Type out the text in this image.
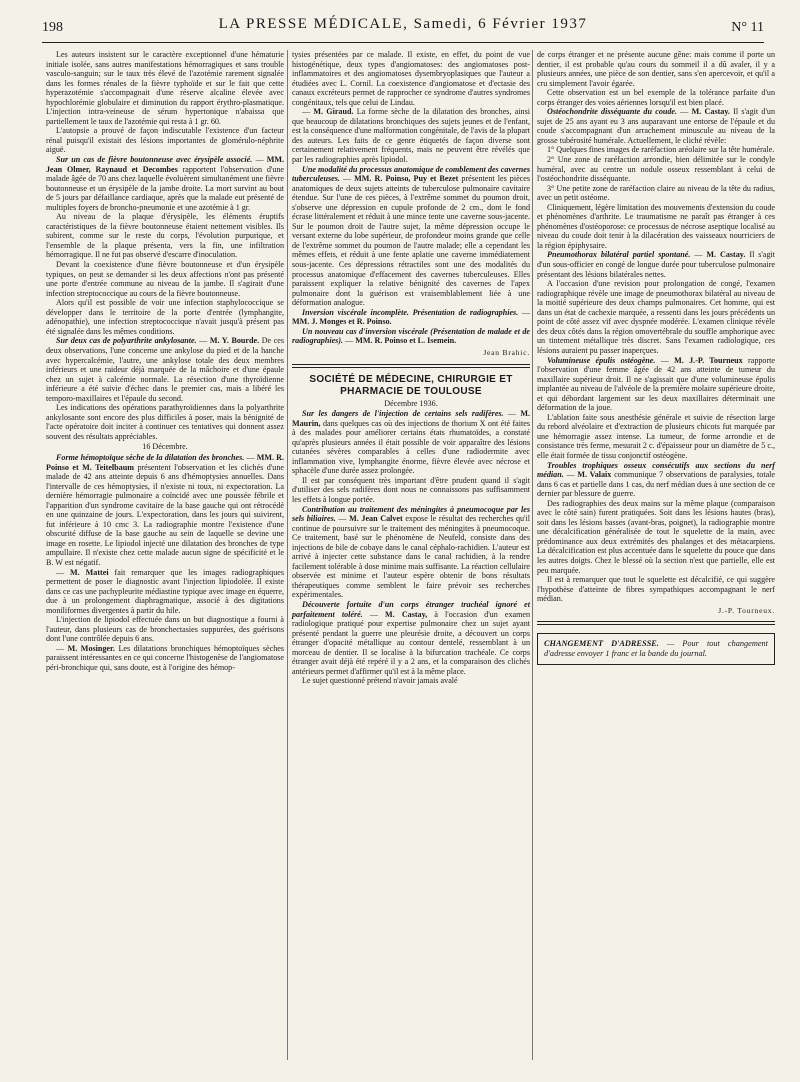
198	LA PRESSE MÉDICALE, Samedi, 6 Février 1937	N° 11

Les auteurs insistent sur le caractère exceptionnel d'une hématurie initiale isolée, sans autres manifestations hémorragiques et sans trouble vasculo-sanguin; sur le taux très élevé de l'azotémie rarement signalée dans les formes rénales de la fièvre typhoïde et sur le fait que cette hyperazotémie s'accompagnait d'une réserve alcaline élevée avec hypochlorémie globulaire et diminution du rapport érythro-plasmatique. L'injection intra-veineuse de sérum hypertonique n'abaissa que partiellement le taux de l'azotémie qui resta à 1 gr. 60.

L'autopsie a prouvé de façon indiscutable l'existence d'un facteur rénal puisqu'il existait des lésions importantes de glomérulo-néphrite aiguë.

Sur un cas de fièvre boutonneuse avec érysipèle associé. — MM. Jean Olmer, Raynaud et Decombes rapportent l'observation d'une malade âgée de 70 ans chez laquelle évoluèrent simultanément une fièvre boutonneuse et un érysipèle de la jambe droite. La mort survint au bout de 5 jours par défaillance cardiaque, après que la malade eut présenté de multiples foyers de broncho-pneumonie et une azotémie à 1 gr.

Au niveau de la plaque d'érysipèle, les éléments éruptifs caractéristiques de la fièvre boutonneuse étaient nettement visibles. Ils subirent, comme sur le reste du corps, l'évolution purpurique, et l'ensemble de la plaque présenta, vers la fin, une infiltration hémorragique. Il ne fut pas observé d'escarre d'inoculation.

Devant la coexistence d'une fièvre boutonneuse et d'un érysipèle typiques, on peut se demander si les deux affections n'ont pas présenté une porte d'entrée commune au niveau de la jambe. Il s'agirait d'une infection streptococcique au cours de la fièvre boutonneuse.

Alors qu'il est possible de voir une infection staphylococcique se développer dans le territoire de la porte d'entrée (lymphangite, adénopathie), une infection streptococcique n'avait jusqu'à présent pas été signalée dans les mêmes conditions.

Sur deux cas de polyarthrite ankylosante. — M. Y. Bourde. De ces deux observations, l'une concerne une ankylose du pied et de la hanche avec hypercalcémie, l'autre, une ankylose totale des deux membres inférieurs et une raideur déjà marquée de la mâchoire et d'une épaule chez un sujet à calcémie normale. La résection d'une thyroïdienne inférieure a été suivie d'échec dans le premier cas, mais a libéré les temporo-maxillaires et l'épaule du second.

Les indications des opérations parathyroïdiennes dans la polyarthrite ankylosante sont encore des plus difficiles à poser, mais la bénignité de l'acte opératoire doit inciter à continuer ces tentatives qui donnent assez souvent des résultats appréciables.

16 Décembre.

Forme hémoptoïque sèche de la dilatation des bronches. — MM. R. Poinso et M. Teitelbaum présentent l'observation et les clichés d'une malade de 42 ans atteinte depuis 6 ans d'hémoptysies annuelles. Dans l'intervalle de ces hémoptysies, il n'existe ni toux, ni expectoration. La dernière hémorragie pulmonaire a coïncidé avec une poussée fébrile et l'apparition d'un syndrome cavitaire de la base gauche qui ont rétrocédé en une quinzaine de jours. L'expectoration, dans les jours qui suivirent, fut inférieure à 10 cmc 3. La radiographie montre l'existence d'une obscurité diffuse de la base gauche au sein de laquelle se devine une image en rosette. Le lipiodol injecté une dilatation des bronches de type ampullaire. Il n'existe chez cette malade aucun signe de spécificité et le B. W est négatif.

— M. Mattei fait remarquer que les images radiographiques permettent de poser le diagnostic avant l'injection lipiodolée. Il existe dans ce cas une pachypleurite médiastine typique avec image en équerre, due à un prolongement diaphragmatique, associé à des digitations moniliformes divergentes à partir du hile.

L'injection de lipiodol effectuée dans un but diagnostique a fourni à l'auteur, dans plusieurs cas de bronchectasies suppurées, des guérisons dont l'une contrôlée depuis 6 ans.

— M. Mosinger. Les dilatations bronchiques hémoptoïques sèches paraissent intéressantes en ce qui concerne l'histogenèse de l'angiomatose péri-bronchique qui, sans doute, est à l'origine des hémop-

tysies présentées par ce malade. Il existe, en effet, du point de vue histogénétique, deux types d'angiomatoses: des angiomatoses post-inflammatoires et des angiomatoses dysembryoplasiques que l'auteur a étudiées avec L. Cornil. La coexistence d'angiomatose et d'ectasie des canaux excréteurs permet de rapprocher ce syndrome d'autres syndromes congénitaux, tels que celui de Lindau.

— M. Giraud. La forme sèche de la dilatation des bronches, ainsi que beaucoup de dilatations bronchiques des sujets jeunes et de l'enfant, est la conséquence d'une malformation congénitale, de l'avis de la plupart des auteurs. Les faits de ce genre étiquetés de façon diverse sont certainement relativement fréquents, mais ne peuvent être révélés que par les radiographies après lipiodol.

Une modalité du processus anatomique de comblement des cavernes tuberculeuses. — MM. R. Poinso, Puy et Bezet présentent les pièces anatomiques de deux sujets atteints de tuberculose pulmonaire cavitaire étendue. Sur l'une de ces pièces, à l'extrême sommet du poumon droit, s'observe une dépression en cupule profonde de 2 cm., dont le fond écrase littéralement et réduit à une mince tente une caverne sous-jacente. Sur le poumon droit de l'autre sujet, la même dépression occupe le versant externe du lobe supérieur, de profondeur moins grande que celle de l'extrême sommet du poumon de l'autre malade; elle a cependant les mêmes effets, et réduit à une fente aplatie une caverne immédiatement sous-jacente. Ces dépressions rétractiles sont une des modalités du processus anatomique d'effacement des cavernes tuberculeuses. Elles paraissent expliquer la relative bénignité des cavernes de l'apex pulmonaire dont la guérison est vraisemblablement liée à une déformation analogue.

Inversion viscérale incomplète. Présentation de radiographies. — MM. J. Monges et R. Poinso.

Un nouveau cas d'inversion viscérale (Présentation de malade et de radiographies). — MM. R. Poinso et L. Isemein.

Jean Brahic.
SOCIÉTÉ DE MÉDECINE, CHIRURGIE ET PHARMACIE DE TOULOUSE
Décembre 1936.

Sur les dangers de l'injection de certains sels radifères. — M. Maurin, dans quelques cas où des injections de thorium X ont été faites à des malades pour améliorer certains états rhumatoïdes, a constaté qu'après plusieurs années il était possible de voir apparaître des lésions cutanées sévères comparables à celles d'une radiodermite avec inflammation vive, lymphangite énorme, fièvre élevée avec nécrose et sphacèle d'une durée assez prolongée.

Il est par conséquent très important d'être prudent quand il s'agit d'utiliser des sels radifères dont nous ne connaissons pas suffisamment les effets à longue portée.

Contribution au traitement des méningites à pneumocoque par les sels biliaires. — M. Jean Calvet expose le résultat des recherches qu'il continue de poursuivre sur le traitement des méningites à pneumocoque. Ce traitement, basé sur le phénomène de Neufeld, consiste dans des injections de bile de cobaye dans le canal céphalo-rachidien. L'auteur est arrivé à injecter cette substance dans le canal rachidien, à la rendre facilement tolérable à dose minime mais suffisante. La réaction cellulaire observée est minime et l'auteur espère obtenir de bons résultats thérapeutiques comme semblent le faire prévoir ses recherches expérimentales.

Découverte fortuite d'un corps étranger trachéal ignoré et parfaitement toléré. — M. Castay, à l'occasion d'un examen radiologique pratiqué pour expertise pulmonaire chez un sujet ayant présenté pendant la guerre une pleurésie droite, a découvert un corps étranger d'opacité métallique au contour dentelé, ressemblant à un morceau de dentier. Il se localise à la bifurcation trachéale. Ce corps étranger avait déjà été repéré il y a 2 ans, et la comparaison des clichés antérieurs permet d'affirmer qu'il est à la même place.

Le sujet questionné prétend n'avoir jamais avalé

de corps étranger et ne présente aucune gêne: mais comme il porte un dentier, il est probable qu'au cours du sommeil il a dû avaler, il y a plusieurs années, une pièce de son dentier, sans s'en apercevoir, et qu'il a cru simplement l'avoir égarée.

Cette observation est un bel exemple de la tolérance parfaite d'un corps étranger des voies aériennes lorsqu'il est bien placé.

Ostéochondrite disséquante du coude. — M. Castay. Il s'agit d'un sujet de 25 ans ayant eu 3 ans auparavant une entorse de l'épaule et du coude s'accompagnant d'un arrachement minuscule au niveau de la grosse tubérosité humérale. Actuellement, le cliché révèle:

1° Quelques fines images de raréfaction aréolaire sur la tête humérale.

2° Une zone de raréfaction arrondie, bien délimitée sur le condyle huméral, avec au centre un nodule osseux ressemblant à celui de l'ostéochondrite disséquante.

3° Une petite zone de raréfaction claire au niveau de la tête du radius, avec un petit ostéome.

Cliniquement, légère limitation des mouvements d'extension du coude et phénomènes d'arthrite. Le traumatisme ne paraît pas étranger à ces phénomènes d'ostéoporose: ce processus de nécrose aseptique localisé au niveau du coude doit tenir à la dilacération des vaisseaux nourriciers de la région épiphysaire.

Pneumothorax bilatéral partiel spontané. — M. Castay. Il s'agit d'un sous-officier en congé de longue durée pour tuberculose pulmonaire présentant des lésions bilatérales nettes.

A l'occasion d'une revision pour prolongation de congé, l'examen radiographique révèle une image de pneumothorax bilatéral au niveau de la moitié supérieure des deux champs pulmonaires. Cet homme, qui est dans un état de cachexie marquée, a ressenti dans les jours précédents un point de côté assez vif avec dyspnée modérée. L'examen clinique révèle des deux côtés dans la région omovertébrale du souffle amphorique avec un tintement métallique très discret. Sans l'examen radiologique, ces lésions auraient pu passer inaperçues.

Volumineuse épulis ostéogène. — M. J.-P. Tourneux rapporte l'observation d'une femme âgée de 42 ans atteinte de tumeur du maxillaire supérieur droit. Il ne s'agissait que d'une volumineuse épulis implantée au niveau de l'alvéole de la première molaire supérieure droite, et qui débordant largement sur les deux maxillaires déterminait une déformation de la joue.

L'ablation faite sous anesthésie générale et suivie de résection large du rebord alvéolaire et d'extraction de plusieurs chicots fut marquée par une hémorragie assez intense. La tumeur, de forme arrondie et de consistance très ferme, mesurait 2 c. d'épaisseur pour un diamètre de 5 c., elle était formée de tissu conjonctif ostéogène.

Troubles trophiques osseux consécutifs aux sections du nerf médian. — M. Valaix communique 7 observations de paralysies, totale dans 6 cas et partielle dans 1 cas, du nerf médian dues à une section de ce dernier par blessure de guerre.

Des radiographies des deux mains sur la même plaque (comparaison avec le côté sain) furent pratiquées. Soit dans les lésions hautes (bras), soit dans les lésions basses (avant-bras, poignet), la radiographie montre une décalcification généralisée de tout le squelette de la main, avec prédominance aux deux extrémités des phalanges et des métacarpiens. La décalcification est plus accentuée dans le squelette du pouce que dans les autres doigts. Chez le blessé où la section n'est que partielle, elle est peu marquée.

Il est à remarquer que tout le squelette est décalcifié, ce qui suggère l'hypothèse d'atteinte de fibres sympathiques accompagnant le nerf médian.

J.-P. Tourneux.
CHANGEMENT D'ADRESSE. — Pour tout changement d'adresse envoyer 1 franc et la bande du journal.
